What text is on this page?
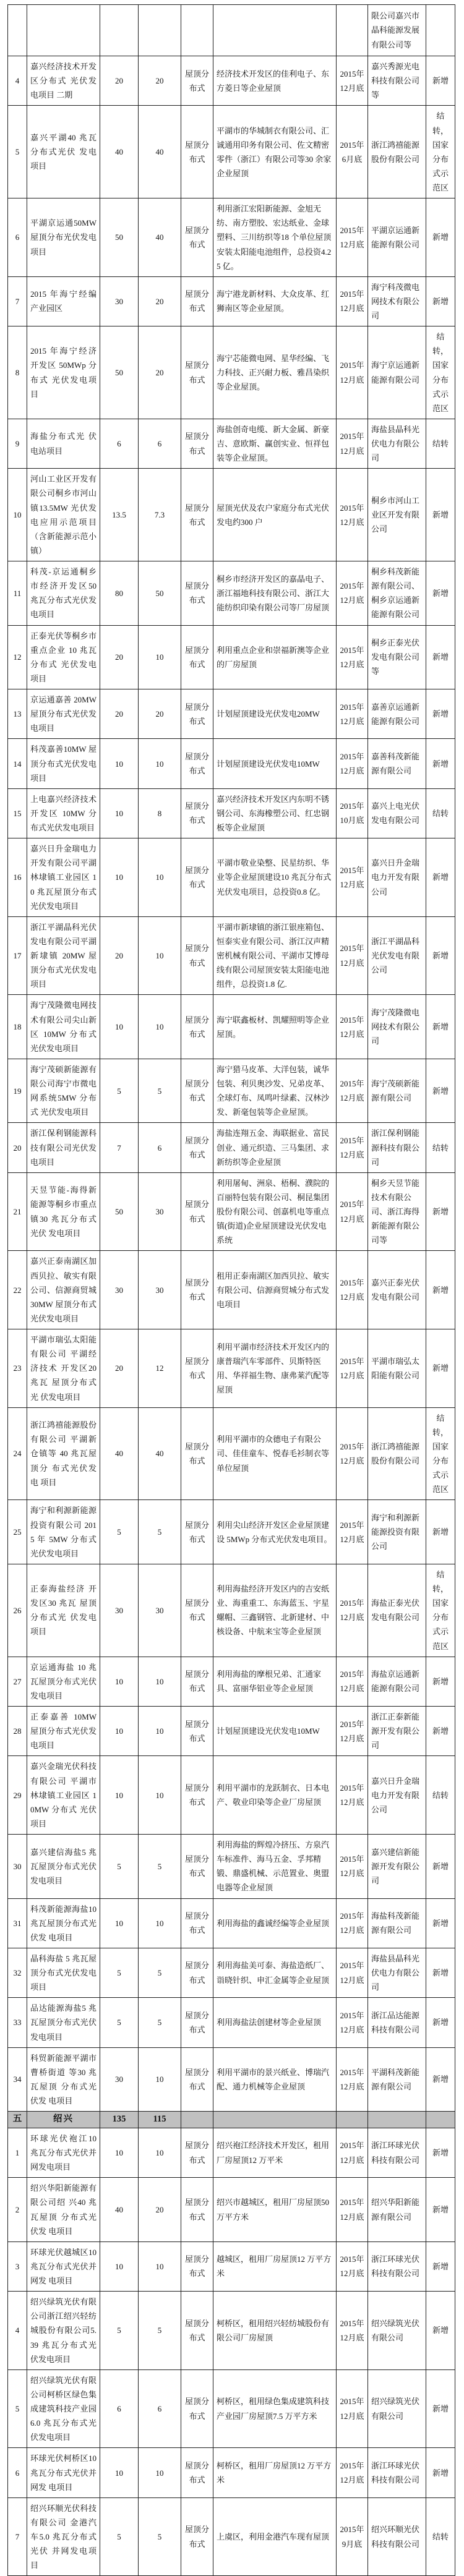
							限公司嘉兴市晶科能源发展有限公司等	
4	嘉兴经济技术开发区分布式 光伏发电项目 二期	20	20	屋顶分布式	经济技术开发区的佳利电子、东方菱日等企业屋顶	2015年12月底	嘉兴秀源光电科技有限公司等	新增
5	嘉兴平湖40 兆瓦分布式光伏 发电项目	40	40	屋顶分布式	平湖市的华城制衣有限公司、汇诚通用印务有限公司、佐文精密零件（浙江）有限公司等30 余家企业屋顶	2015年6月底	浙江鸿禧能源股份有限公司	结转，国家分布式示范区
6	平湖京运通50MW 屋顶分布光伏发电项目	50	40	屋顶分布式	利用浙江宏阳新能源、金旭无纺、南方塑胶、宏达纸业、金球塑料、三川纺织等18 个单位屋顶安装太阳能电池组件，总投资4.25 亿。	2015年12月底	平湖京运通新能源有限公司	新增
7	2015 年海宁经编产业园区	30	20	屋顶分布式	海宁港龙新材料、大众皮革、红狮南区等企业屋顶。	2015年12月底	海宁科茂微电网技术有限公司	新增
8	2015 年海宁经济开发区 50MWp 分布式 光伏发电项目	50	20	屋顶分布式	海宁芯能微电网、星华经编、飞力科技、正兴耐力板、雅昌染织等企业屋顶。	2015年12月底	海宁京运通新能源有限公司	结转，国家分布式示范区
9	海盐分布式光 伏电站项目	6	6	屋顶分布式	海盐创奇电缆、新大金属、新豪吉、意欧斯、赢创实业、恒祥包装等企业屋顶。	2015年12月底	海盐县晶科光伏电力有限公司	结转
10	河山工业区开发有限公司桐乡市河山镇13.5MW 光伏发电应用示范项目（含新能源示范小镇）	13.5	7.3	屋顶分布式	屋顶光伏及农户家庭分布式光伏发电约300 户	2015年12月底	桐乡市河山工业区开发有限公司	新增
11	科茂-京运通桐乡市经济开发区50 兆瓦分布式光伏发电项目	80	50	屋顶分布式	桐乡市经济开发区的嘉晶电子、浙江福地科技有限公司、浙江大能纺织印染有限公司等厂房屋顶	2015年12月底	桐乡科茂新能源有限公司、桐乡京运通新能源有限公司	新增
12	正泰光伏等桐乡市重点企业 10 兆瓦分布式 光伏发电项目	20	10	屋顶分布式	利用重点企业和崇福新澳等企业的厂房屋顶	2015年12月底	桐乡正泰光伏发电有限公司等	新增
13	京运通嘉善 20MW 屋顶分布式光伏发电项目	20	20	屋顶分布式	计划屋顶建设光伏发电20MW	2015年12月底	嘉善京运通新能源有限公司	新增
14	科茂嘉善10MW 屋顶分布式光伏发电项目	10	10	屋顶分布式	计划屋顶建设光伏发电10MW	2015年12月底	嘉善科茂新能源有限公司	新增
15	上电嘉兴经济技术开发区 10MW 分布式光伏发电项目	10	8	屋顶分布式	嘉兴经济技术开发区内东明不锈钢公司、东海橡塑公司、红忠钢板等企业屋顶	2015年10月底	嘉兴上电光伏发电有限公司	结转
16	嘉兴日升金瑞电力开发有限公司平湖林埭镇工业园区 10 兆瓦屋顶分布式光伏发电项目	10	10	屋顶分布式	平湖市敬业染整、民星纺织、华业等企业屋顶建设10 兆瓦分布式光伏发电项目，总投资0.8 亿。	2015年12月底	嘉兴日升金瑞电力开发有限公司	新增
17	浙江平湖晶科光伏发电有限公司平湖新埭镇 20MW 屋顶分布式光伏发电项目	20	10	屋顶分布式	平湖市新埭镇的浙江银座箱包、恒泰实业有限公司、浙江汉声精密机械有限公司、平湖市艾博母线有限公司屋顶安装太阳能电池组件，总投资1.8 亿.	2015年12月底	浙江平湖晶科光伏发电有限公司	新增
18	海宁茂隆微电网技术有限公司尖山新区 10MW 分布式光伏发电项目	10	10	屋顶分布式	海宁联鑫板材、凯耀照明等企业屋顶。	2015年12月底	海宁茂隆微电网技术有限公司	新增
19	海宁茂硕新能源有限公司海宁市微电网系统5MW 分布式 光伏发电项目	5	5	屋顶分布式	海宁猎马皮革、大洋包装，诚华包装、利贝奥沙发、兄弟皮革、全球灯布、凤鸣叶绿素、汉林沙发、新毫包装等企业屋顶。	2015年12月底	海宁茂硕新能源有限公司	新增
20	浙江保利钢能源科技有限公司光伏发电项目	7	6	屋顶分布式	海盐连翔五金、海联据业、富民创业、通元织造、三马集团、求新纺织等企业屋顶	2015年12月底	浙江保利钢能源科技有限公司	结转
21	天昱节能-海得新能源等桐乡市重点镇30 兆瓦分布式光伏 发电项目	50	30	屋顶分布式	利用屠甸、洲泉、梧桐、濮院的百丽特包装有限公司、桐昆集团股份有限公司、创嘉机电等重点镇(街道)企业屋顶建设光伏发电系统	2015年12月底	桐乡天昱节能技术有限公司、浙江海得新能源有限公司等	新增
22	嘉兴正泰南湖区加西贝拉、敏实有限公司、信源商贸城 30MW 屋顶分布式光伏发电项目	30	30	屋顶分布式	租用正泰南湖区加西贝拉、敏实有限公司、信源商贸城分布式发电项目	2015年12月底	嘉兴正泰光伏发电有限公司	新增
23	平湖市瑞弘太阳能有限公司 平湖经济技术 开发区20 兆瓦 屋顶分布式光 伏发电项目	20	12	屋顶分布式	利用平湖市经济技术开发区内的康普瑞汽车零部件、贝斯特医用、华祥福生物、康弗莱汽配等屋顶	2015年12月底	平湖市瑞弘太阳能有限公司	新增
24	浙江鸿禧能源股份有限公司 平湖新仓镇等 40 兆瓦屋顶分 布式光伏发电 项目	40	40	屋顶分布式	利用平湖市的众德电子有限公司、佳佳童车、悦春毛衫制衣等单位屋顶	2015年12月底	浙江鸿禧能源股份有限公司	结转，国家分布式示范区
25	海宁和利源新能源投资有限公司 2015 年 5MW 分布式光伏发电项目	5	5	屋顶分布式	利用尖山经济开发区企业屋顶建设 5MWp 分布式光伏发电项目。	2015年12月底	海宁和利源新能源投资有限公司	新增
26	正泰海盐经济 开发区30 兆瓦 屋顶分布式光 伏发电项目	30	30	屋顶分布式	利用海盐经济开发区内的吉安纸业、海重重工、东海蓝玉、宇星螺帽、三鑫钢管、北新建材、中核设备、中航来宝等企业屋顶	2015年12月底	海盐正泰光伏发电有限公司	结转，国家分布式示范区
27	京运通海盐 10 兆瓦屋顶分布式光伏发电项目	10	10	屋顶分布式	利用海盐的摩根兄弟、汇通家具、富丽华铝业等企业屋顶	2015年12月底	海盐京运通新能源有限公司	新增
28	正泰嘉善 10MW 屋顶分布式光伏发电项目	10	10	屋顶分布式	计划屋顶建设光伏发电10MW	2015年12月底	浙江正泰新能源开发有限公司	新增
29	嘉兴金瑞光伏科技有限公司 平湖市林埭镇工业园区 10MW 分布式 光伏项目	10	10	屋顶分布式	利用平湖市的龙跃制衣、日本电产、敬业印染等企业厂房屋顶	2015年12月底	嘉兴日升金瑞电力开发有限公司	结转
30	嘉兴建信海盐5 兆瓦屋顶分布式光伏发电项目	5	5	屋顶分布式	利用海盐的辉煌冷挤压、方泉汽车标准件、海马五金、孚邦精锻、鼎盛机械、示范置业、奥盟电器等企业屋顶	2015年12月底	嘉兴建信新能源开发有限公司	新增
31	科茂新能源海盐10 兆瓦屋顶分布式光伏发 电项目	10	10	屋顶分布式	利用海盐的鑫诚经编等企业屋顶	2015年12月底	海盐科茂新能源有限公司	新增
32	晶科海盐 5 兆瓦屋顶分布式光伏发电项目	5	5	屋顶分布式	利用海盐美可泰、海盐造纸厂、诣晓针织、申汇金属等企业屋顶	2015年12月底	海盐县晶科光伏电力有限公司	新增
33	品达能源海盐5 兆瓦屋顶分布式光伏发电项目	5	5	屋顶分布式	利用海盐法创建材等企业屋顶	2015年12月底	浙江品达能源科技有限公司	新增
34	科贸新能源平湖市曹桥街道 等30 兆瓦屋顶 分布式光伏发 电项目	30	10	屋顶分布式	利用平湖市的景兴纸业、博瑞汽配、通力机械等企业屋顶	2015年12月底	平湖科茂新能源有限公司	新增
五	绍兴	135	115					
1	环球光伏袍江10 兆瓦分布式光伏并网发电项目	10	10	屋顶分布式	绍兴袍江经济技术开发区，租用厂房屋顶12 万平米	2015年12月底	浙江环球光伏科技有限公司	新增
2	绍兴华阳新能源有限公司绍 兴40 兆瓦屋顶 分布式光伏发 电项目	40	20	屋顶分布式	绍兴市越城区，租用厂房屋顶50 万平方米	2015年12月底	绍兴华阳新能源有限公司	新增
3	环球光伏越城区10 兆瓦分布式光伏并网发 电项目	10	10	屋顶分布式	越城区，租用厂房屋顶12 万平方米	2015年12月底	浙江环球光伏科技有限公司	新增
4	绍兴绿筑光伏有限公司浙江绍兴轻纺城股份有限公司5.39 兆瓦分布式光伏发电项目	5	5	屋顶分布式	柯桥区，租用绍兴轻纺城股份有限公司厂房屋顶	2015年12月底	绍兴绿筑光伏有限公司	新增
5	绍兴绿筑光伏有限公司柯桥区绿色集成建筑科技产业园6.0 兆瓦分布式光伏发电项目	6	6	屋顶分布式	柯桥区，租用绿色集成建筑科技产业园厂房屋顶7.5 万平方米	2015年12月底	绍兴绿筑光伏有限公司	新增
6	环球光伏柯桥区10 兆瓦分布式光伏并网发 电项目	10	10	屋顶分布式	柯桥区，租用厂房屋顶12 万平方米	2015年12月底	浙江环球光伏科技有限公司	新增
7	绍兴环顺光伏科技有限公司 金港汽车5.0 兆瓦分布式光伏 并网发电项目	5	5	屋顶分布式	上虞区，利用金港汽车现有屋顶	2015年9月底	绍兴环顺光伏科技有限公司	结转
